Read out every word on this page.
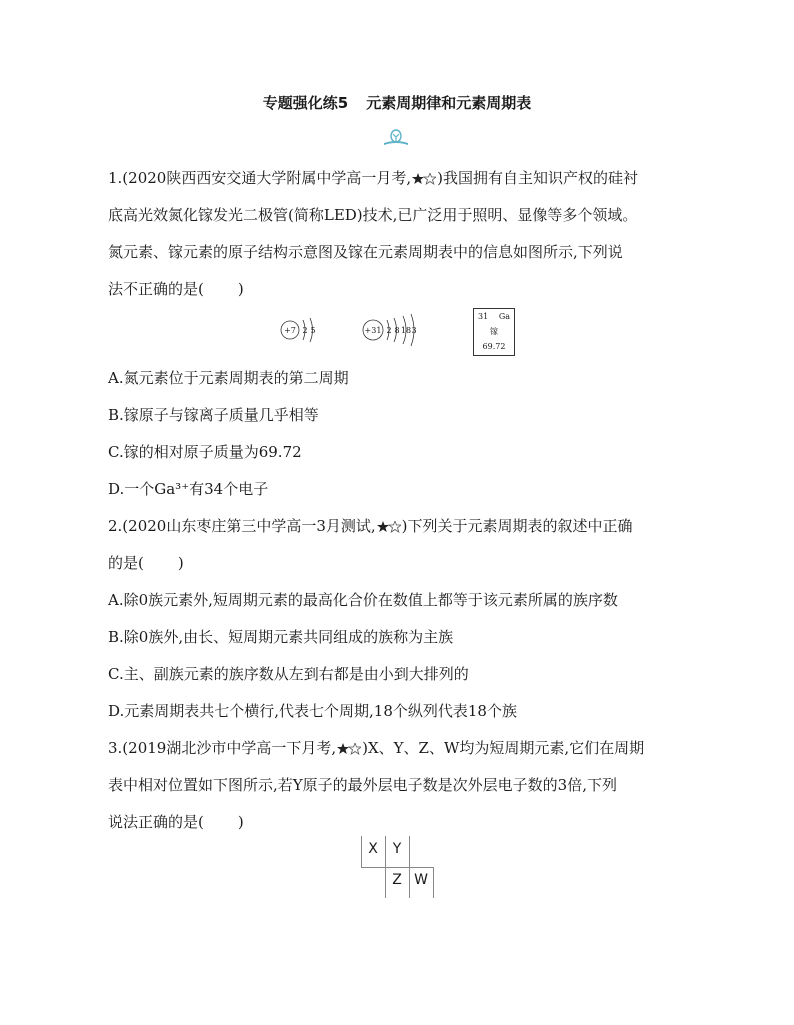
专题强化练5 元素周期律和元素周期表
1.(2020陕西西安交通大学附属中学高一月考, )我国拥有自主知识产权的硅衬
底高光效氮化镓发光二极管(简称LED)技术,已广泛用于照明、显像等多个领域。
氮元素、镓元素的原子结构示意图及镓在元素周期表中的信息如图所示,下列说
法不正确的是( )
+7 2 5	+31 2 8 18 3
31 Ga
镓
69.72
A.氮元素位于元素周期表的第二周期
B.镓原子与镓离子质量几乎相等
C.镓的相对原子质量为69.72
D.一个Ga³⁺有34个电子
2.(2020山东枣庄第三中学高一3月测试, )下列关于元素周期表的叙述中正确
的是( )
A.除0族元素外,短周期元素的最高化合价在数值上都等于该元素所属的族序数
B.除0族外,由长、短周期元素共同组成的族称为主族
C.主、副族元素的族序数从左到右都是由小到大排列的
D.元素周期表共七个横行,代表七个周期,18个纵列代表18个族
3.(2019湖北沙市中学高一下月考, )X、Y、Z、W均为短周期元素,它们在周期
表中相对位置如下图所示,若Y原子的最外层电子数是次外层电子数的3倍,下列
说法正确的是( )
X	Y
Z W
